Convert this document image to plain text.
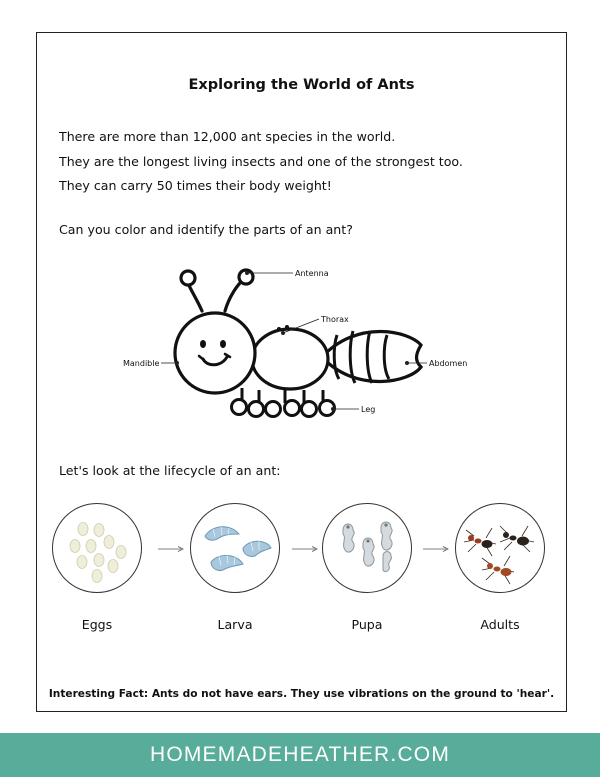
Exploring the World of Ants

There are more than 12,000 ant species in the world.

They are the longest living insects and one of the strongest too.

They can carry 50 times their body weight!

Can you color and identify the parts of an ant?
Antenna
Thorax
Mandible	Abdomen
Leg
Let's look at the lifecycle of an ant:
Eggs	Larva	Pupa	Adults
Interesting Fact: Ants do not have ears. They use vibrations on the ground to 'hear'.
HOMEMADEHEATHER.COM
